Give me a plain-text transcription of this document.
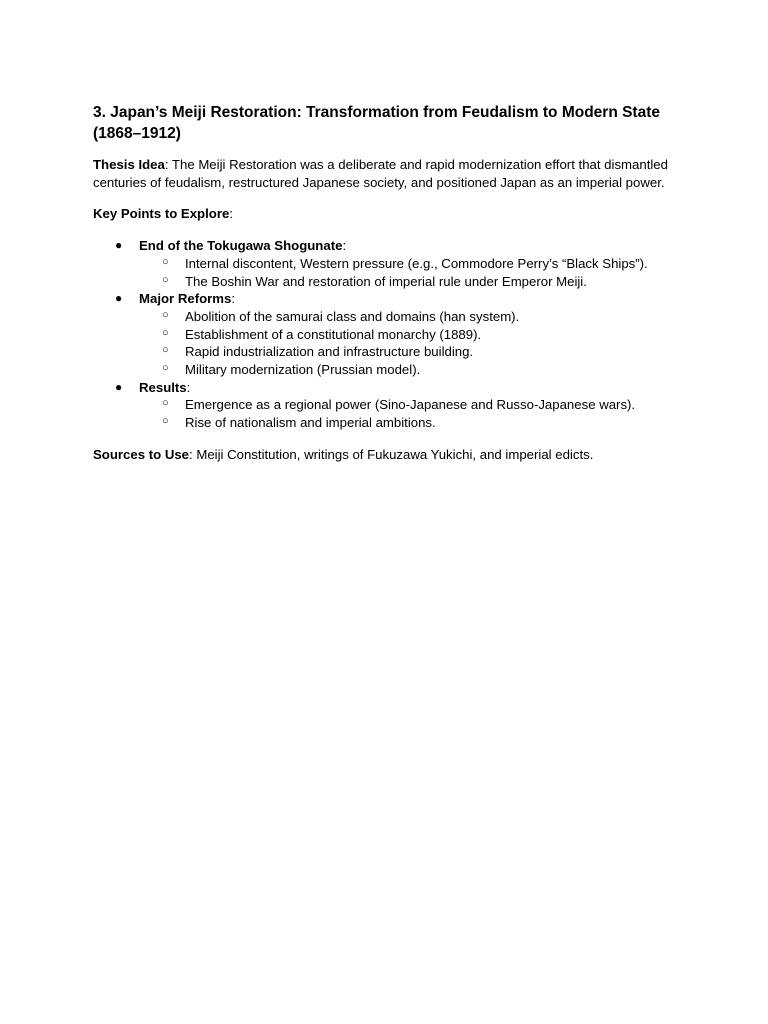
3. Japan’s Meiji Restoration: Transformation from Feudalism to Modern State (1868–1912)

Thesis Idea: The Meiji Restoration was a deliberate and rapid modernization effort that dismantled centuries of feudalism, restructured Japanese society, and positioned Japan as an imperial power.

Key Points to Explore:

● End of the Tokugawa Shogunate:
○ Internal discontent, Western pressure (e.g., Commodore Perry’s “Black Ships”).
○ The Boshin War and restoration of imperial rule under Emperor Meiji.
● Major Reforms:
○ Abolition of the samurai class and domains (han system).
○ Establishment of a constitutional monarchy (1889).
○ Rapid industrialization and infrastructure building.
○ Military modernization (Prussian model).
● Results:
○ Emergence as a regional power (Sino-Japanese and Russo-Japanese wars).
○ Rise of nationalism and imperial ambitions.

Sources to Use: Meiji Constitution, writings of Fukuzawa Yukichi, and imperial edicts.
